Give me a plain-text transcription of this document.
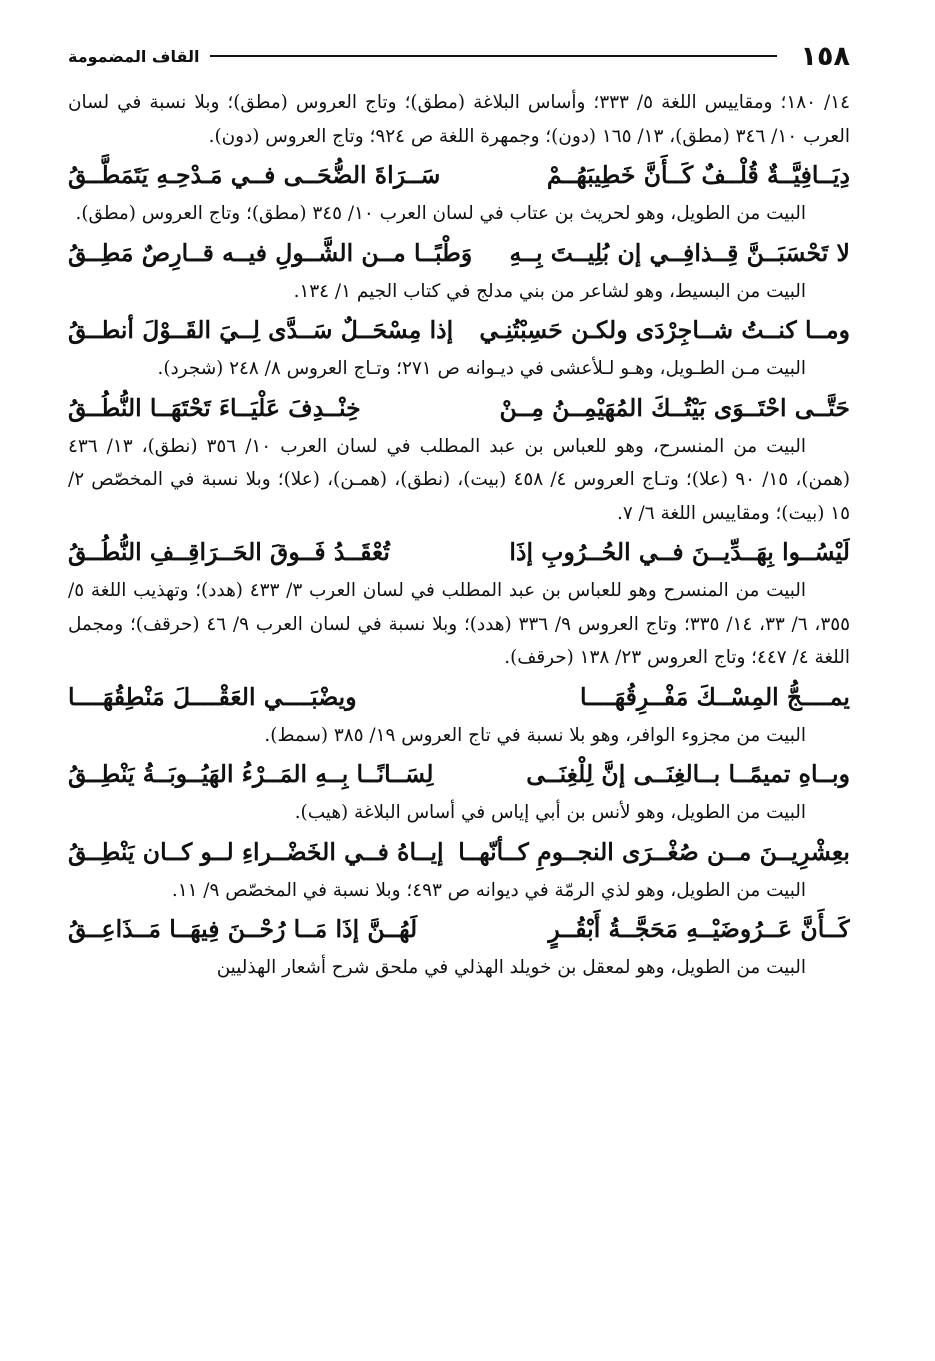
١٥٨
القاف المضمومة

١٤/ ١٨٠؛ ومقاييس اللغة ٥/ ٣٣٣؛ وأساس البلاغة (مطق)؛ وتاج العروس (مطق)؛ وبلا نسبة في لسان العرب ١٠/ ٣٤٦ (مطق)، ١٣/ ١٦٥ (دون)؛ وجمهرة اللغة ص ٩٢٤؛ وتاج العروس (دون).

دِيَــافِيَّــةٌ قُلْــفٌ كَــأَنَّ خَطِيبَهُــمْ
سَــرَاةَ الضُّحَــى فــي مَـدْحِـهِ يَتَمَطَّــقُ

البيت من الطويل، وهو لحريث بن عتاب في لسان العرب ١٠/ ٣٤٥ (مطق)؛ وتاج العروس (مطق).

لا تَحْسَبَــنَّ قِــذافِــي إن بُلِيــتَ بِــهِ
وَطْبًــا مــن الشَّــولِ فيــه قــارِصٌ مَطِــقُ

البيت من البسيط، وهو لشاعر من بني مدلج في كتاب الجيم ١/ ١٣٤.

ومــا كنــتُ شــاجِرْدَى ولكـن حَسِبْتُنِـي
إذا مِسْحَــلٌ سَــدَّى لِــيَ القَــوْلَ أنطــقُ

البيت مـن الطـويل، وهـو لـلأعشى في ديـوانه ص ٢٧١؛ وتـاج العروس ٨/ ٢٤٨ (شجرد).

حَتَّــى احْتَــوَى بَيْتُــكَ المُهَيْمِــنُ مِــنْ
خِنْــدِفَ عَلْيَــاءَ تَحْتَهَــا النُّطُــقُ

البيت من المنسرح، وهو للعباس بن عبد المطلب في لسان العرب ١٠/ ٣٥٦ (نطق)، ١٣/ ٤٣٦ (همن)، ١٥/ ٩٠ (علا)؛ وتـاج العروس ٤/ ٤٥٨ (بيت)، (نطق)، (همـن)، (علا)؛ وبلا نسبة في المخصّص ٢/ ١٥ (بيت)؛ ومقاييس اللغة ٦/ ٧.

لَيْسُــوا بِهَــدِّيــنَ فــي الحُــرُوبِ إذَا
تُعْقَــدُ فَــوقَ الحَــرَاقِــفِ النُّطُــقُ

البيت من المنسرح وهو للعباس بن عبد المطلب في لسان العرب ٣/ ٤٣٣ (هدد)؛ وتهذيب اللغة ٥/ ٣٥٥، ٦/ ٣٣، ١٤/ ٣٣٥؛ وتاج العروس ٩/ ٣٣٦ (هدد)؛ وبلا نسبة في لسان العرب ٩/ ٤٦ (حرقف)؛ ومجمل اللغة ٤/ ٤٤٧؛ وتاج العروس ٢٣/ ١٣٨ (حرقف).

يمــــجُّ المِسْــكَ مَفْــرِقُهَــــا
ويضْبَــــي العَقْــــلَ مَنْطِقُهَــــا

البيت من مجزوء الوافر، وهو بلا نسبة في تاج العروس ١٩/ ٣٨٥ (سمط).

وبــاهِ تميمًــا بــالغِنَــى إنَّ لِلْغِنَــى
لِسَــانًــا بِــهِ المَــرْءُ الهَيُــوبَــةُ يَنْطِــقُ

البيت من الطويل، وهو لأنس بن أبي إياس في أساس البلاغة (هيب).

بعِشْرِيــنَ مــن صُغْــرَى النجــومِ كــأنّهــا
إيــاهُ فــي الخَضْــراءِ لــو كــان يَنْطِــقُ

البيت من الطويل، وهو لذي الرمّة في ديوانه ص ٤٩٣؛ وبلا نسبة في المخصّص ٩/ ١١.

كَــأَنَّ عَــرُوضَيْــهِ مَحَجَّــةُ أَبْقُــرٍ
لَهُــنَّ إذَا مَــا رُحْــنَ فِيهَــا مَــذَاعِــقُ

البيت من الطويل، وهو لمعقل بن خويلد الهذلي في ملحق شرح أشعار الهذليين
